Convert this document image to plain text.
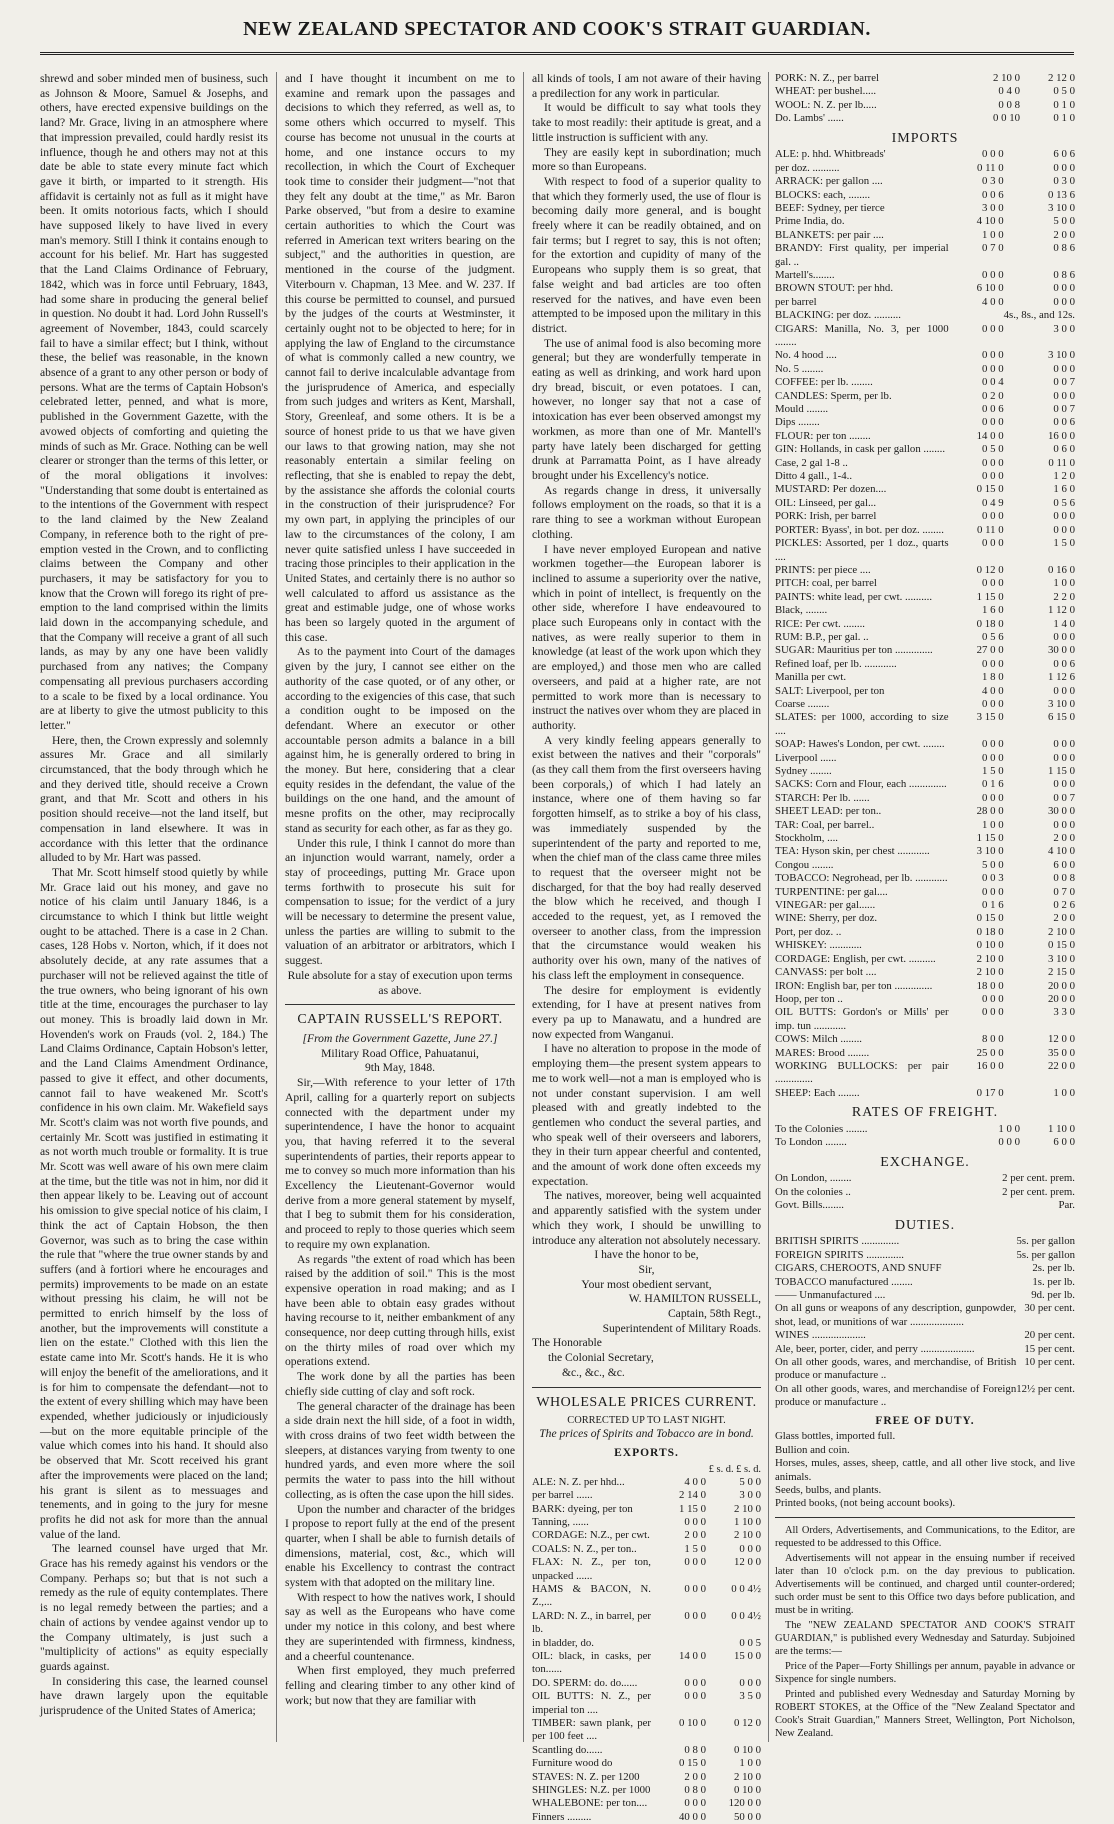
NEW ZEALAND SPECTATOR AND COOK'S STRAIT GUARDIAN.

shrewd and sober minded men of business, such as Johnson & Moore, Samuel & Josephs, and others, have erected expensive buildings on the land? Mr. Grace, living in an atmosphere where that impression prevailed, could hardly resist its influence, though he and others may not at this date be able to state every minute fact which gave it birth, or imparted to it strength. His affidavit is certainly not as full as it might have been. It omits notorious facts, which I should have supposed likely to have lived in every man's memory. Still I think it contains enough to account for his belief. Mr. Hart has suggested that the Land Claims Ordinance of February, 1842, which was in force until February, 1843, had some share in producing the general belief in question. No doubt it had. Lord John Russell's agreement of November, 1843, could scarcely fail to have a similar effect; but I think, without these, the belief was reasonable, in the known absence of a grant to any other person or body of persons. What are the terms of Captain Hobson's celebrated letter, penned, and what is more, published in the Government Gazette, with the avowed objects of comforting and quieting the minds of such as Mr. Grace. Nothing can be well clearer or stronger than the terms of this letter, or of the moral obligations it involves: "Understanding that some doubt is entertained as to the intentions of the Government with respect to the land claimed by the New Zealand Company, in reference both to the right of pre-emption vested in the Crown, and to conflicting claims between the Company and other purchasers, it may be satisfactory for you to know that the Crown will forego its right of pre-emption to the land comprised within the limits laid down in the accompanying schedule, and that the Company will receive a grant of all such lands, as may by any one have been validly purchased from any natives; the Company compensating all previous purchasers according to a scale to be fixed by a local ordinance. You are at liberty to give the utmost publicity to this letter."

Here, then, the Crown expressly and solemnly assures Mr. Grace and all similarly circumstanced, that the body through which he and they derived title, should receive a Crown grant, and that Mr. Scott and others in his position should receive—not the land itself, but compensation in land elsewhere. It was in accordance with this letter that the ordinance alluded to by Mr. Hart was passed.

That Mr. Scott himself stood quietly by while Mr. Grace laid out his money, and gave no notice of his claim until January 1846, is a circumstance to which I think but little weight ought to be attached. There is a case in 2 Chan. cases, 128 Hobs v. Norton, which, if it does not absolutely decide, at any rate assumes that a purchaser will not be relieved against the title of the true owners, who being ignorant of his own title at the time, encourages the purchaser to lay out money. This is broadly laid down in Mr. Hovenden's work on Frauds (vol. 2, 184.) The Land Claims Ordinance, Captain Hobson's letter, and the Land Claims Amendment Ordinance, passed to give it effect, and other documents, cannot fail to have weakened Mr. Scott's confidence in his own claim. Mr. Wakefield says Mr. Scott's claim was not worth five pounds, and certainly Mr. Scott was justified in estimating it as not worth much trouble or formality. It is true Mr. Scott was well aware of his own mere claim at the time, but the title was not in him, nor did it then appear likely to be. Leaving out of account his omission to give special notice of his claim, I think the act of Captain Hobson, the then Governor, was such as to bring the case within the rule that "where the true owner stands by and suffers (and à fortiori where he encourages and permits) improvements to be made on an estate without pressing his claim, he will not be permitted to enrich himself by the loss of another, but the improvements will constitute a lien on the estate." Clothed with this lien the estate came into Mr. Scott's hands. He it is who will enjoy the benefit of the ameliorations, and it is for him to compensate the defendant—not to the extent of every shilling which may have been expended, whether judiciously or injudiciously—but on the more equitable principle of the value which comes into his hand. It should also be observed that Mr. Scott received his grant after the improvements were placed on the land; his grant is silent as to messuages and tenements, and in going to the jury for mesne profits he did not ask for more than the annual value of the land.

The learned counsel have urged that Mr. Grace has his remedy against his vendors or the Company. Perhaps so; but that is not such a remedy as the rule of equity contemplates. There is no legal remedy between the parties; and a chain of actions by vendee against vendor up to the Company ultimately, is just such a "multiplicity of actions" as equity especially guards against.

In considering this case, the learned counsel have drawn largely upon the equitable jurisprudence of the United States of America;

and I have thought it incumbent on me to examine and remark upon the passages and decisions to which they referred, as well as, to some others which occurred to myself. This course has become not unusual in the courts at home, and one instance occurs to my recollection, in which the Court of Exchequer took time to consider their judgment—"not that they felt any doubt at the time," as Mr. Baron Parke observed, "but from a desire to examine certain authorities to which the Court was referred in American text writers bearing on the subject," and the authorities in question, are mentioned in the course of the judgment. Viterbourn v. Chapman, 13 Mee. and W. 237. If this course be permitted to counsel, and pursued by the judges of the courts at Westminster, it certainly ought not to be objected to here; for in applying the law of England to the circumstance of what is commonly called a new country, we cannot fail to derive incalculable advantage from the jurisprudence of America, and especially from such judges and writers as Kent, Marshall, Story, Greenleaf, and some others. It is be a source of honest pride to us that we have given our laws to that growing nation, may she not reasonably entertain a similar feeling on reflecting, that she is enabled to repay the debt, by the assistance she affords the colonial courts in the construction of their jurisprudence? For my own part, in applying the principles of our law to the circumstances of the colony, I am never quite satisfied unless I have succeeded in tracing those principles to their application in the United States, and certainly there is no author so well calculated to afford us assistance as the great and estimable judge, one of whose works has been so largely quoted in the argument of this case.

As to the payment into Court of the damages given by the jury, I cannot see either on the authority of the case quoted, or of any other, or according to the exigencies of this case, that such a condition ought to be imposed on the defendant. Where an executor or other accountable person admits a balance in a bill against him, he is generally ordered to bring in the money. But here, considering that a clear equity resides in the defendant, the value of the buildings on the one hand, and the amount of mesne profits on the other, may reciprocally stand as security for each other, as far as they go.

Under this rule, I think I cannot do more than an injunction would warrant, namely, order a stay of proceedings, putting Mr. Grace upon terms forthwith to prosecute his suit for compensation to issue; for the verdict of a jury will be necessary to determine the present value, unless the parties are willing to submit to the valuation of an arbitrator or arbitrators, which I suggest.

Rule absolute for a stay of execution upon terms as above.

CAPTAIN RUSSELL'S REPORT.

[From the Government Gazette, June 27.]

Military Road Office, Pahuatanui,

9th May, 1848.

Sir,—With reference to your letter of 17th April, calling for a quarterly report on subjects connected with the department under my superintendence, I have the honor to acquaint you, that having referred it to the several superintendents of parties, their reports appear to me to convey so much more information than his Excellency the Lieutenant-Governor would derive from a more general statement by myself, that I beg to submit them for his consideration, and proceed to reply to those queries which seem to require my own explanation.

As regards "the extent of road which has been raised by the addition of soil." This is the most expensive operation in road making; and as I have been able to obtain easy grades without having recourse to it, neither embankment of any consequence, nor deep cutting through hills, exist on the thirty miles of road over which my operations extend.

The work done by all the parties has been chiefly side cutting of clay and soft rock.

The general character of the drainage has been a side drain next the hill side, of a foot in width, with cross drains of two feet width between the sleepers, at distances varying from twenty to one hundred yards, and even more where the soil permits the water to pass into the hill without collecting, as is often the case upon the hill sides.

Upon the number and character of the bridges I propose to report fully at the end of the present quarter, when I shall be able to furnish details of dimensions, material, cost, &c., which will enable his Excellency to contrast the contract system with that adopted on the military line.

With respect to how the natives work, I should say as well as the Europeans who have come under my notice in this colony, and best where they are superintended with firmness, kindness, and a cheerful countenance.

When first employed, they much preferred felling and clearing timber to any other kind of work; but now that they are familiar with

all kinds of tools, I am not aware of their having a predilection for any work in particular.

It would be difficult to say what tools they take to most readily: their aptitude is great, and a little instruction is sufficient with any.

They are easily kept in subordination; much more so than Europeans.

With respect to food of a superior quality to that which they formerly used, the use of flour is becoming daily more general, and is bought freely where it can be readily obtained, and on fair terms; but I regret to say, this is not often; for the extortion and cupidity of many of the Europeans who supply them is so great, that false weight and bad articles are too often reserved for the natives, and have even been attempted to be imposed upon the military in this district.

The use of animal food is also becoming more general; but they are wonderfully temperate in eating as well as drinking, and work hard upon dry bread, biscuit, or even potatoes. I can, however, no longer say that not a case of intoxication has ever been observed amongst my workmen, as more than one of Mr. Mantell's party have lately been discharged for getting drunk at Parramatta Point, as I have already brought under his Excellency's notice.

As regards change in dress, it universally follows employment on the roads, so that it is a rare thing to see a workman without European clothing.

I have never employed European and native workmen together—the European laborer is inclined to assume a superiority over the native, which in point of intellect, is frequently on the other side, wherefore I have endeavoured to place such Europeans only in contact with the natives, as were really superior to them in knowledge (at least of the work upon which they are employed,) and those men who are called overseers, and paid at a higher rate, are not permitted to work more than is necessary to instruct the natives over whom they are placed in authority.

A very kindly feeling appears generally to exist between the natives and their "corporals" (as they call them from the first overseers having been corporals,) of which I had lately an instance, where one of them having so far forgotten himself, as to strike a boy of his class, was immediately suspended by the superintendent of the party and reported to me, when the chief man of the class came three miles to request that the overseer might not be discharged, for that the boy had really deserved the blow which he received, and though I acceded to the request, yet, as I removed the overseer to another class, from the impression that the circumstance would weaken his authority over his own, many of the natives of his class left the employment in consequence.

The desire for employment is evidently extending, for I have at present natives from every pa up to Manawatu, and a hundred are now expected from Wanganui.

I have no alteration to propose in the mode of employing them—the present system appears to me to work well—not a man is employed who is not under constant supervision. I am well pleased with and greatly indebted to the gentlemen who conduct the several parties, and who speak well of their overseers and laborers, they in their turn appear cheerful and contented, and the amount of work done often exceeds my expectation.

The natives, moreover, being well acquainted and apparently satisfied with the system under which they work, I should be unwilling to introduce any alteration not absolutely necessary.

I have the honor to be,

Sir,

Your most obedient servant,

W. HAMILTON RUSSELL,

Captain, 58th Regt.,

Superintendent of Military Roads.

The Honorable

the Colonial Secretary,

&c., &c., &c.

WHOLESALE PRICES CURRENT.
CORRECTED UP TO LAST NIGHT.
The prices of Spirits and Tobacco are in bond.
EXPORTS.
£ s. d. £ s. d.
ALE: N. Z. per hhd...	4 0 0	5 0 0
per barrel ......	2 14 0	3 0 0
BARK: dyeing, per ton	1 15 0	2 10 0
Tanning, ......	0 0 0	1 10 0
CORDAGE: N.Z., per cwt.	2 0 0	2 10 0
COALS: N. Z., per ton..	1 5 0	0 0 0
FLAX: N. Z., per ton, unpacked ......	0 0 0	12 0 0
HAMS & BACON, N. Z.,...	0 0 0	0 0 4½
LARD: N. Z., in barrel, per lb.	0 0 0	0 0 4½
in bladder, do.		0 0 5
OIL: black, in casks, per ton......	14 0 0	15 0 0
DO. SPERM: do. do......	0 0 0	0 0 0
OIL BUTTS: N. Z., per imperial ton ....	0 0 0	3 5 0
TIMBER: sawn plank, per per 100 feet ....	0 10 0	0 12 0
Scantling do......	0 8 0	0 10 0
Furniture wood do	0 15 0	1 0 0
STAVES: N. Z. per 1200	2 0 0	2 10 0
SHINGLES: N.Z. per 1000	0 8 0	0 10 0
WHALEBONE: per ton....	0 0 0	120 0 0
Finners .........	40 0 0	50 0 0
PORK: N. Z., per barrel	2 10 0	2 12 0
WHEAT: per bushel.....	0 4 0	0 5 0
WOOL: N. Z. per lb.....	0 0 8	0 1 0
Do. Lambs' ......	0 0 10	0 1 0
IMPORTS
ALE: p. hhd. Whitbreads'	0 0 0	6 0 6
per doz. ..........	0 11 0	0 0 0
ARRACK: per gallon ....	0 3 0	0 3 0
BLOCKS: each, ........	0 0 6	0 13 6
BEEF: Sydney, per tierce	3 0 0	3 10 0
Prime India, do.	4 10 0	5 0 0
BLANKETS: per pair ....	1 0 0	2 0 0
BRANDY: First quality, per imperial gal. ..	0 7 0	0 8 6
Martell's........	0 0 0	0 8 6
BROWN STOUT: per hhd.	6 10 0	0 0 0
per barrel	4 0 0	0 0 0
BLACKING: per doz. ..........		4s., 8s., and 12s.
CIGARS: Manilla, No. 3, per 1000 ........	0 0 0	3 0 0
No. 4 hood ....	0 0 0	3 10 0
No. 5 ........	0 0 0	0 0 0
COFFEE: per lb. ........	0 0 4	0 0 7
CANDLES: Sperm, per lb.	0 2 0	0 0 0
Mould ........	0 0 6	0 0 7
Dips ........	0 0 0	0 0 6
FLOUR: per ton ........	14 0 0	16 0 0
GIN: Hollands, in cask per gallon ........	0 5 0	0 6 0
Case, 2 gal 1-8 ..	0 0 0	0 11 0
Ditto 4 gall., 1-4..	0 0 0	1 2 0
MUSTARD: Per dozen....	0 15 0	1 6 0
OIL: Linseed, per gal...	0 4 9	0 5 6
PORK: Irish, per barrel	0 0 0	0 0 0
PORTER: Byass', in bot. per doz. ........	0 11 0	0 0 0
PICKLES: Assorted, per 1 doz., quarts ....	0 0 0	1 5 0
PRINTS: per piece ....	0 12 0	0 16 0
PITCH: coal, per barrel	0 0 0	1 0 0
PAINTS: white lead, per cwt. ..........	1 15 0	2 2 0
Black, ........	1 6 0	1 12 0
RICE: Per cwt. ........	0 18 0	1 4 0
RUM: B.P., per gal. ..	0 5 6	0 0 0
SUGAR: Mauritius per ton ..............	27 0 0	30 0 0
Refined loaf, per lb. ............	0 0 0	0 0 6
Manilla per cwt.	1 8 0	1 12 6
SALT: Liverpool, per ton	4 0 0	0 0 0
Coarse ........	0 0 0	3 10 0
SLATES: per 1000, according to size ....	3 15 0	6 15 0
SOAP: Hawes's London, per cwt. ........	0 0 0	0 0 0
Liverpool ......	0 0 0	0 0 0
Sydney ........	1 5 0	1 15 0
SACKS: Corn and Flour, each ..............	0 1 6	0 0 0
STARCH: Per lb. ......	0 0 0	0 0 7
SHEET LEAD: per ton..	28 0 0	30 0 0
TAR: Coal, per barrel..	1 0 0	0 0 0
Stockholm, ....	1 15 0	2 0 0
TEA: Hyson skin, per chest ............	3 10 0	4 10 0
Congou ........	5 0 0	6 0 0
TOBACCO: Negrohead, per lb. ............	0 0 3	0 0 8
TURPENTINE: per gal....	0 0 0	0 7 0
VINEGAR: per gal......	0 1 6	0 2 6
WINE: Sherry, per doz.	0 15 0	2 0 0
Port, per doz. ..	0 18 0	2 10 0
WHISKEY: ............	0 10 0	0 15 0
CORDAGE: English, per cwt. ..........	2 10 0	3 10 0
CANVASS: per bolt ....	2 10 0	2 15 0
IRON: English bar, per ton ..............	18 0 0	20 0 0
Hoop, per ton ..	0 0 0	20 0 0
OIL BUTTS: Gordon's or Mills' per imp. tun ............	0 0 0	3 3 0
COWS: Milch ........	8 0 0	12 0 0
MARES: Brood ........	25 0 0	35 0 0
WORKING BULLOCKS: per pair ..............	16 0 0	22 0 0
SHEEP: Each ........	0 17 0	1 0 0
RATES OF FREIGHT.
To the Colonies ........	1 0 0	1 10 0
To London ........	0 0 0	6 0 0
EXCHANGE.
On London, ........	2 per cent. prem.
On the colonies ..	2 per cent. prem.
Govt. Bills........	Par.
DUTIES.
BRITISH SPIRITS ..............	5s. per gallon
FOREIGN SPIRITS ..............	5s. per gallon
CIGARS, CHEROOTS, AND SNUFF	2s. per lb.
TOBACCO manufactured ........	1s. per lb.
—— Unmanufactured ....	9d. per lb.
On all guns or weapons of any description, gunpowder, shot, lead, or munitions of war ....................	30 per cent.
WINES ....................	20 per cent.
Ale, beer, porter, cider, and perry ....................	15 per cent.
On all other goods, wares, and merchandise, of British produce or manufacture ..	10 per cent.
On all other goods, wares, and merchandise of Foreign produce or manufacture ..	12½ per cent.
FREE OF DUTY.
Glass bottles, imported full.
Bullion and coin.
Horses, mules, asses, sheep, cattle, and all other live stock, and live animals.
Seeds, bulbs, and plants.
Printed books, (not being account books).

All Orders, Advertisements, and Communications, to the Editor, are requested to be addressed to this Office.

Advertisements will not appear in the ensuing number if received later than 10 o'clock p.m. on the day previous to publication. Advertisements will be continued, and charged until counter-ordered; such order must be sent to this Office two days before publication, and must be in writing.

The "NEW ZEALAND SPECTATOR AND COOK'S STRAIT GUARDIAN," is published every Wednesday and Saturday. Subjoined are the terms:—

Price of the Paper—Forty Shillings per annum, payable in advance or Sixpence for single numbers.

Printed and published every Wednesday and Saturday Morning by ROBERT STOKES, at the Office of the "New Zealand Spectator and Cook's Strait Guardian," Manners Street, Wellington, Port Nicholson, New Zealand.
